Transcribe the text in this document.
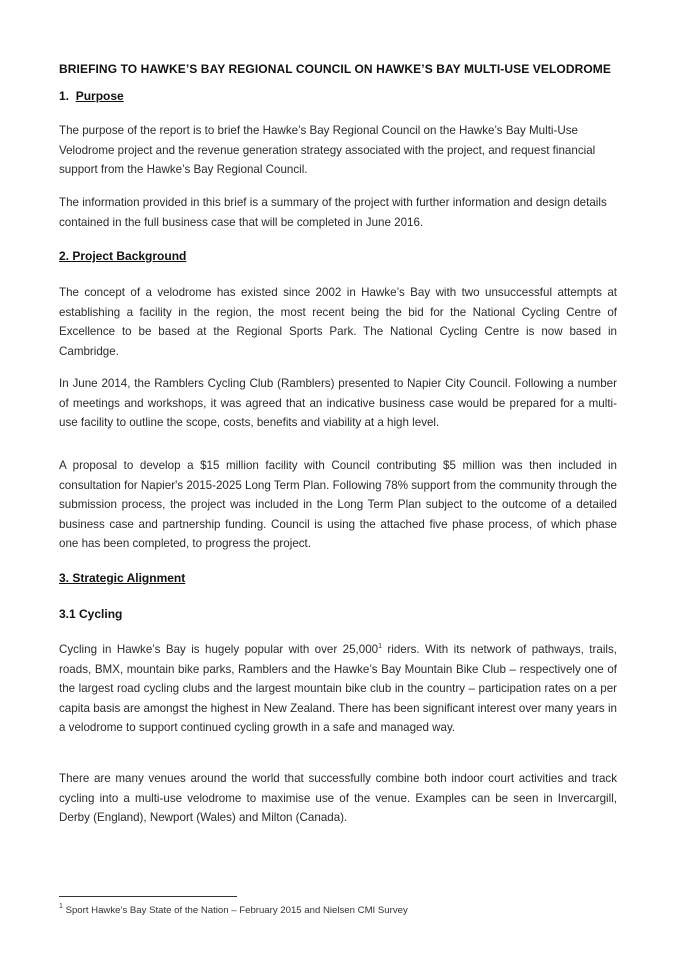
BRIEFING TO HAWKE’S BAY REGIONAL COUNCIL ON HAWKE’S BAY MULTI-USE VELODROME
1. Purpose

The purpose of the report is to brief the Hawke’s Bay Regional Council on the Hawke’s Bay Multi-Use Velodrome project and the revenue generation strategy associated with the project, and request financial support from the Hawke’s Bay Regional Council.

The information provided in this brief is a summary of the project with further information and design details contained in the full business case that will be completed in June 2016.

2. Project Background

The concept of a velodrome has existed since 2002 in Hawke’s Bay with two unsuccessful attempts at establishing a facility in the region, the most recent being the bid for the National Cycling Centre of Excellence to be based at the Regional Sports Park. The National Cycling Centre is now based in Cambridge.

In June 2014, the Ramblers Cycling Club (Ramblers) presented to Napier City Council. Following a number of meetings and workshops, it was agreed that an indicative business case would be prepared for a multi-use facility to outline the scope, costs, benefits and viability at a high level.

A proposal to develop a $15 million facility with Council contributing $5 million was then included in consultation for Napier's 2015-2025 Long Term Plan. Following 78% support from the community through the submission process, the project was included in the Long Term Plan subject to the outcome of a detailed business case and partnership funding. Council is using the attached five phase process, of which phase one has been completed, to progress the project.

3. Strategic Alignment
3.1 Cycling

Cycling in Hawke’s Bay is hugely popular with over 25,000$^1$ riders. With its network of pathways, trails, roads, BMX, mountain bike parks, Ramblers and the Hawke’s Bay Mountain Bike Club – respectively one of the largest road cycling clubs and the largest mountain bike club in the country – participation rates on a per capita basis are amongst the highest in New Zealand. There has been significant interest over many years in a velodrome to support continued cycling growth in a safe and managed way.

There are many venues around the world that successfully combine both indoor court activities and track cycling into a multi-use velodrome to maximise use of the venue. Examples can be seen in Invercargill, Derby (England), Newport (Wales) and Milton (Canada).

$^1$ Sport Hawke’s Bay State of the Nation – February 2015 and Nielsen CMI Survey
